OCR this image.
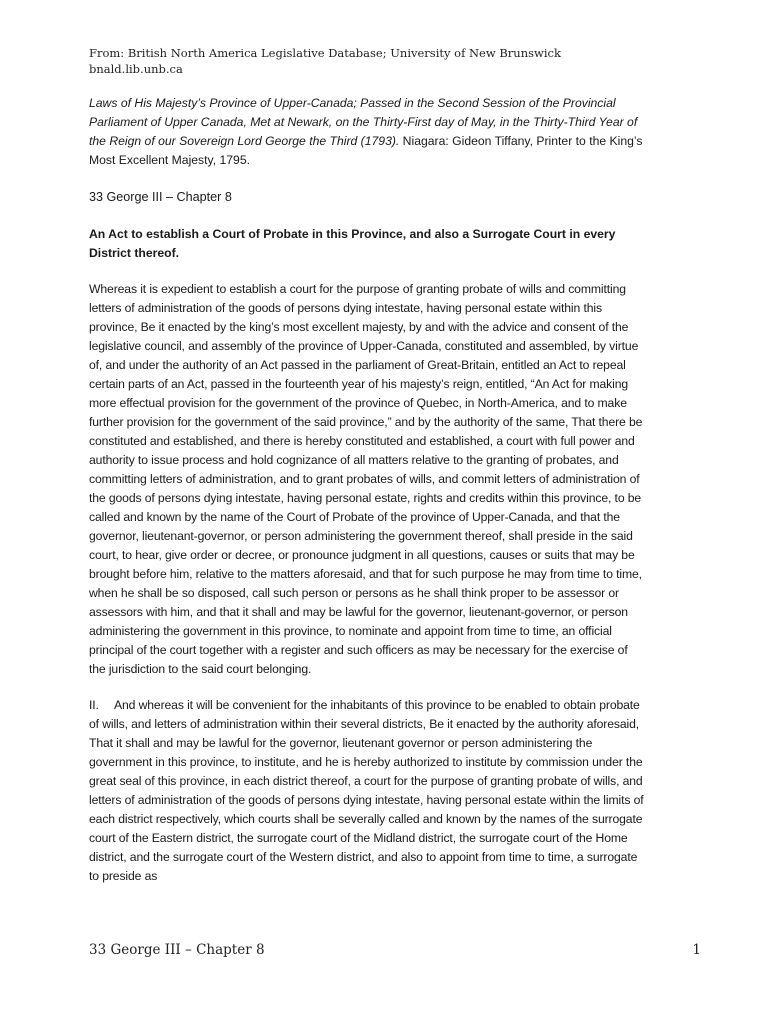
From: British North America Legislative Database; University of New Brunswick
bnald.lib.unb.ca

Laws of His Majesty’s Province of Upper-Canada; Passed in the Second Session of the Provincial Parliament of Upper Canada, Met at Newark, on the Thirty-First day of May, in the Thirty-Third Year of the Reign of our Sovereign Lord George the Third (1793). Niagara: Gideon Tiffany, Printer to the King’s Most Excellent Majesty, 1795.

33 George III – Chapter 8

An Act to establish a Court of Probate in this Province, and also a Surrogate Court in every District thereof.

Whereas it is expedient to establish a court for the purpose of granting probate of wills and committing letters of administration of the goods of persons dying intestate, having personal estate within this province, Be it enacted by the king’s most excellent majesty, by and with the advice and consent of the legislative council, and assembly of the province of Upper-Canada, constituted and assembled, by virtue of, and under the authority of an Act passed in the parliament of Great-Britain, entitled an Act to repeal certain parts of an Act, passed in the fourteenth year of his majesty’s reign, entitled, “An Act for making more effectual provision for the government of the province of Quebec, in North-America, and to make further provision for the government of the said province,” and by the authority of the same, That there be constituted and established, and there is hereby constituted and established, a court with full power and authority to issue process and hold cognizance of all matters relative to the granting of probates, and committing letters of administration, and to grant probates of wills, and commit letters of administration of the goods of persons dying intestate, having personal estate, rights and credits within this province, to be called and known by the name of the Court of Probate of the province of Upper-Canada, and that the governor, lieutenant-governor, or person administering the government thereof, shall preside in the said court, to hear, give order or decree, or pronounce judgment in all questions, causes or suits that may be brought before him, relative to the matters aforesaid, and that for such purpose he may from time to time, when he shall be so disposed, call such person or persons as he shall think proper to be assessor or assessors with him, and that it shall and may be lawful for the governor, lieutenant-governor, or person administering the government in this province, to nominate and appoint from time to time, an official principal of the court together with a register and such officers as may be necessary for the exercise of the jurisdiction to the said court belonging.

II. And whereas it will be convenient for the inhabitants of this province to be enabled to obtain probate of wills, and letters of administration within their several districts, Be it enacted by the authority aforesaid, That it shall and may be lawful for the governor, lieutenant governor or person administering the government in this province, to institute, and he is hereby authorized to institute by commission under the great seal of this province, in each district thereof, a court for the purpose of granting probate of wills, and letters of administration of the goods of persons dying intestate, having personal estate within the limits of each district respectively, which courts shall be severally called and known by the names of the surrogate court of the Eastern district, the surrogate court of the Midland district, the surrogate court of the Home district, and the surrogate court of the Western district, and also to appoint from time to time, a surrogate to preside as

33 George III – Chapter 8	1
